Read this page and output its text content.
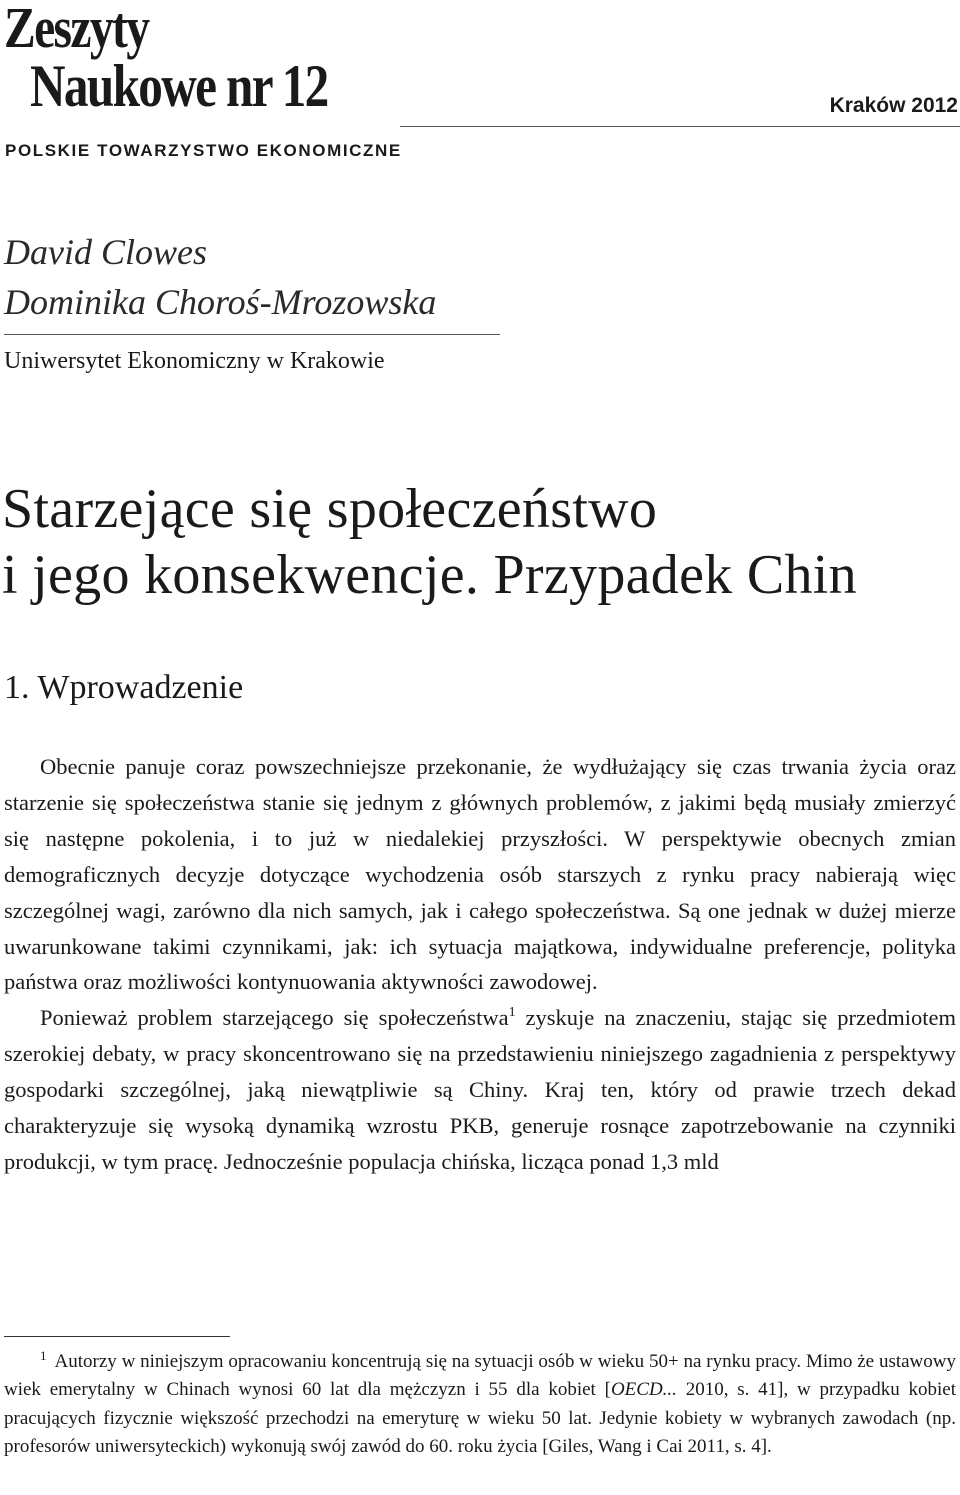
Zeszyty
Naukowe nr 12	Kraków 2012
POLSKIE TOWARZYSTWO EKONOMICZNE
David Clowes
Dominika Choroś-Mrozowska
Uniwersytet Ekonomiczny w Krakowie
Starzejące się społeczeństwo
i jego konsekwencje. Przypadek Chin
1. Wprowadzenie

Obecnie panuje coraz powszechniejsze przekonanie, że wydłużający się czas trwania życia oraz starzenie się społeczeństwa stanie się jednym z głównych problemów, z jakimi będą musiały zmierzyć się następne pokolenia, i to już w niedalekiej przyszłości. W perspektywie obecnych zmian demograficznych decyzje dotyczące wychodzenia osób starszych z rynku pracy nabierają więc szczególnej wagi, zarówno dla nich samych, jak i całego społeczeństwa. Są one jednak w dużej mierze uwarunkowane takimi czynnikami, jak: ich sytuacja majątkowa, indywidualne preferencje, polityka państwa oraz możliwości kontynuowania aktywności zawodowej.

Ponieważ problem starzejącego się społeczeństwa$^1$ zyskuje na znaczeniu, stając się przedmiotem szerokiej debaty, w pracy skoncentrowano się na przedstawieniu niniejszego zagadnienia z perspektywy gospodarki szczególnej, jaką niewątpliwie są Chiny. Kraj ten, który od prawie trzech dekad charakteryzuje się wysoką dynamiką wzrostu PKB, generuje rosnące zapotrzebowanie na czynniki produkcji, w tym pracę. Jednocześnie populacja chińska, licząca ponad 1,3 mld

$^1$ Autorzy w niniejszym opracowaniu koncentrują się na sytuacji osób w wieku 50+ na rynku pracy. Mimo że ustawowy wiek emerytalny w Chinach wynosi 60 lat dla mężczyzn i 55 dla kobiet [OECD... 2010, s. 41], w przypadku kobiet pracujących fizycznie większość przechodzi na emeryturę w wieku 50 lat. Jedynie kobiety w wybranych zawodach (np. profesorów uniwersyteckich) wykonują swój zawód do 60. roku życia [Giles, Wang i Cai 2011, s. 4].
